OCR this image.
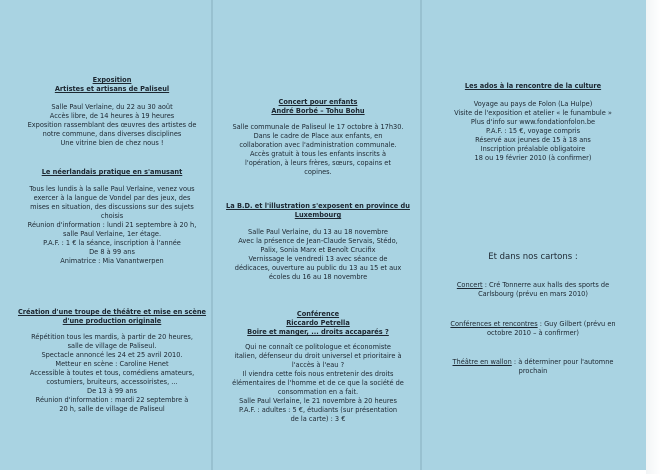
Exposition
Artistes et artisans de Paliseul
Salle Paul Verlaine, du 22 au 30 août
Accès libre, de 14 heures à 19 heures
Exposition rassemblant des œuvres des artistes de
notre commune, dans diverses disciplines
Une vitrine bien de chez nous !
Le néerlandais pratique en s'amusant
Tous les lundis à la salle Paul Verlaine, venez vous
exercer à la langue de Vondel par des jeux, des
mises en situation, des discussions sur des sujets
choisis
Réunion d'information : lundi 21 septembre à 20 h,
salle Paul Verlaine, 1er étage.
P.A.F. : 1 € la séance, inscription à l'année
De 8 à 99 ans
Animatrice : Mia Vanantwerpen
Création d'une troupe de théâtre et mise en scène
d'une production originale
Répétition tous les mardis, à partir de 20 heures,
salle de village de Paliseul.
Spectacle annoncé les 24 et 25 avril 2010.
Metteur en scène : Caroline Henet
Accessible à toutes et tous, comédiens amateurs,
costumiers, bruiteurs, accessoiristes, ...
De 13 à 99 ans
Réunion d'information : mardi 22 septembre à
20 h, salle de village de Paliseul
Concert pour enfants
André Borbé – Tohu Bohu
Salle communale de Paliseul le 17 octobre à 17h30.
Dans le cadre de Place aux enfants, en
collaboration avec l'administration communale.
Accès gratuit à tous les enfants inscrits à
l'opération, à leurs frères, sœurs, copains et
copines.
La B.D. et l'illustration s'exposent en province du
Luxembourg
Salle Paul Verlaine, du 13 au 18 novembre
Avec la présence de Jean-Claude Servais, Stédo,
Palix, Sonia Marx et Benoît Crucifix
Vernissage le vendredi 13 avec séance de
dédicaces, ouverture au public du 13 au 15 et aux
écoles du 16 au 18 novembre
Conférence
Riccardo Petrella
Boire et manger, ... droits accaparés ?
Qui ne connaît ce politologue et économiste
italien, défenseur du droit universel et prioritaire à
l'accès à l'eau ?
Il viendra cette fois nous entretenir des droits
élémentaires de l'homme et de ce que la société de
consommation en a fait.
Salle Paul Verlaine, le 21 novembre à 20 heures
P.A.F. : adultes : 5 €, étudiants (sur présentation
de la carte) : 3 €
Les ados à la rencontre de la culture
Voyage au pays de Folon (La Hulpe)
Visite de l'exposition et atelier « le funambule »
Plus d'info sur www.fondationfolon.be
P.A.F. : 15 €, voyage compris
Réservé aux jeunes de 15 à 18 ans
Inscription préalable obligatoire
18 ou 19 février 2010 (à confirmer)
Et dans nos cartons :
Concert : Cré Tonnerre aux halls des sports de
Carlsbourg (prévu en mars 2010)
Conférences et rencontres : Guy Gilbert (prévu en
octobre 2010 – à confirmer)
Théâtre en wallon : à déterminer pour l'automne
prochain
